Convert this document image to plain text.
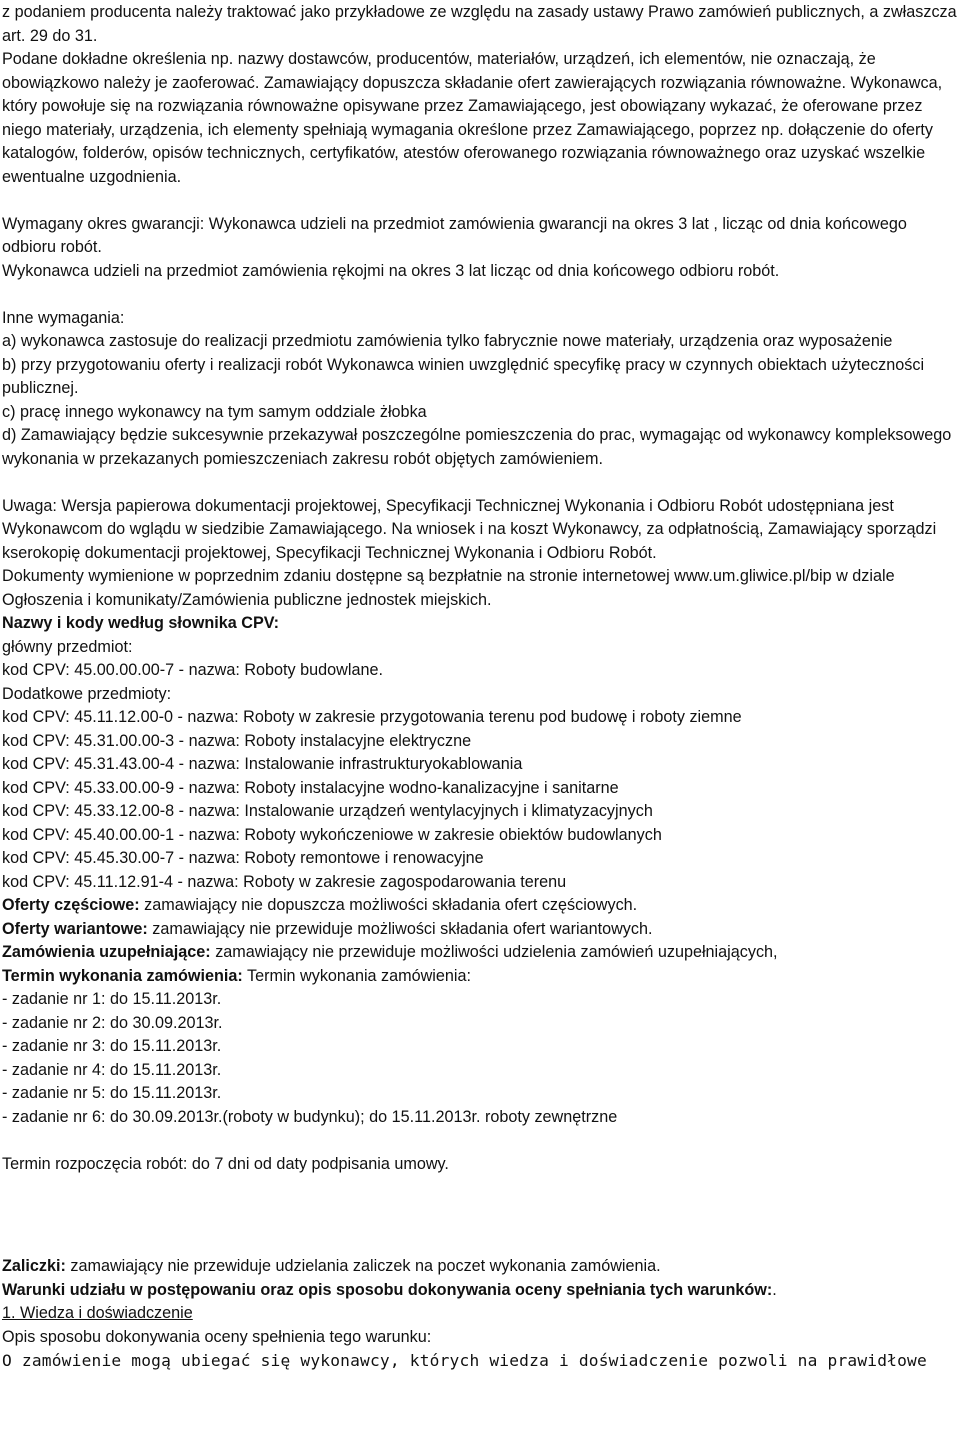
z podaniem producenta należy traktować jako przykładowe ze względu na zasady ustawy Prawo zamówień publicznych, a zwłaszcza art. 29 do 31.

Podane dokładne określenia np. nazwy dostawców, producentów, materiałów, urządzeń, ich elementów, nie oznaczają, że obowiązkowo należy je zaoferować. Zamawiający dopuszcza składanie ofert zawierających rozwiązania równoważne. Wykonawca, który powołuje się na rozwiązania równoważne opisywane przez Zamawiającego, jest obowiązany wykazać, że oferowane przez niego materiały, urządzenia, ich elementy spełniają wymagania określone przez Zamawiającego, poprzez np. dołączenie do oferty katalogów, folderów, opisów technicznych, certyfikatów, atestów oferowanego rozwiązania równoważnego oraz uzyskać wszelkie ewentualne uzgodnienia.

Wymagany okres gwarancji: Wykonawca udzieli na przedmiot zamówienia gwarancji na okres 3 lat , licząc od dnia końcowego odbioru robót.

Wykonawca udzieli na przedmiot zamówienia rękojmi na okres 3 lat licząc od dnia końcowego odbioru robót.

Inne wymagania:

a) wykonawca zastosuje do realizacji przedmiotu zamówienia tylko fabrycznie nowe materiały, urządzenia oraz wyposażenie

b) przy przygotowaniu oferty i realizacji robót Wykonawca winien uwzględnić specyfikę pracy w czynnych obiektach użyteczności publicznej.

c) pracę innego wykonawcy na tym samym oddziale żłobka

d) Zamawiający będzie sukcesywnie przekazywał poszczególne pomieszczenia do prac, wymagając od wykonawcy kompleksowego wykonania w przekazanych pomieszczeniach zakresu robót objętych zamówieniem.

Uwaga: Wersja papierowa dokumentacji projektowej, Specyfikacji Technicznej Wykonania i Odbioru Robót udostępniana jest Wykonawcom do wglądu w siedzibie Zamawiającego. Na wniosek i na koszt Wykonawcy, za odpłatnością, Zamawiający sporządzi kserokopię dokumentacji projektowej, Specyfikacji Technicznej Wykonania i Odbioru Robót.

Dokumenty wymienione w poprzednim zdaniu dostępne są bezpłatnie na stronie internetowej www.um.gliwice.pl/bip w dziale Ogłoszenia i komunikaty/Zamówienia publiczne jednostek miejskich.

Nazwy i kody według słownika CPV:

główny przedmiot:

kod CPV: 45.00.00.00-7 - nazwa: Roboty budowlane.

Dodatkowe przedmioty:

kod CPV: 45.11.12.00-0 - nazwa: Roboty w zakresie przygotowania terenu pod budowę i roboty ziemne
kod CPV: 45.31.00.00-3 - nazwa: Roboty instalacyjne elektryczne
kod CPV: 45.31.43.00-4 - nazwa: Instalowanie infrastrukturyokablowania
kod CPV: 45.33.00.00-9 - nazwa: Roboty instalacyjne wodno-kanalizacyjne i sanitarne
kod CPV: 45.33.12.00-8 - nazwa: Instalowanie urządzeń wentylacyjnych i klimatyzacyjnych
kod CPV: 45.40.00.00-1 - nazwa: Roboty wykończeniowe w zakresie obiektów budowlanych
kod CPV: 45.45.30.00-7 - nazwa: Roboty remontowe i renowacyjne
kod CPV: 45.11.12.91-4 - nazwa: Roboty w zakresie zagospodarowania terenu

Oferty częściowe: zamawiający nie dopuszcza możliwości składania ofert częściowych.

Oferty wariantowe: zamawiający nie przewiduje możliwości składania ofert wariantowych.

Zamówienia uzupełniające: zamawiający nie przewiduje możliwości udzielenia zamówień uzupełniających,

Termin wykonania zamówienia: Termin wykonania zamówienia:

- zadanie nr 1: do 15.11.2013r.
- zadanie nr 2: do 30.09.2013r.
- zadanie nr 3: do 15.11.2013r.
- zadanie nr 4: do 15.11.2013r.
- zadanie nr 5: do 15.11.2013r.
- zadanie nr 6: do 30.09.2013r.(roboty w budynku); do 15.11.2013r. roboty zewnętrzne

Termin rozpoczęcia robót: do 7 dni od daty podpisania umowy.

Zaliczki: zamawiający nie przewiduje udzielania zaliczek na poczet wykonania zamówienia.

Warunki udziału w postępowaniu oraz opis sposobu dokonywania oceny spełniania tych warunków:.

1. Wiedza i doświadczenie

Opis sposobu dokonywania oceny spełnienia tego warunku:

O zamówienie mogą ubiegać się wykonawcy, których wiedza i doświadczenie pozwoli na prawidłowe
